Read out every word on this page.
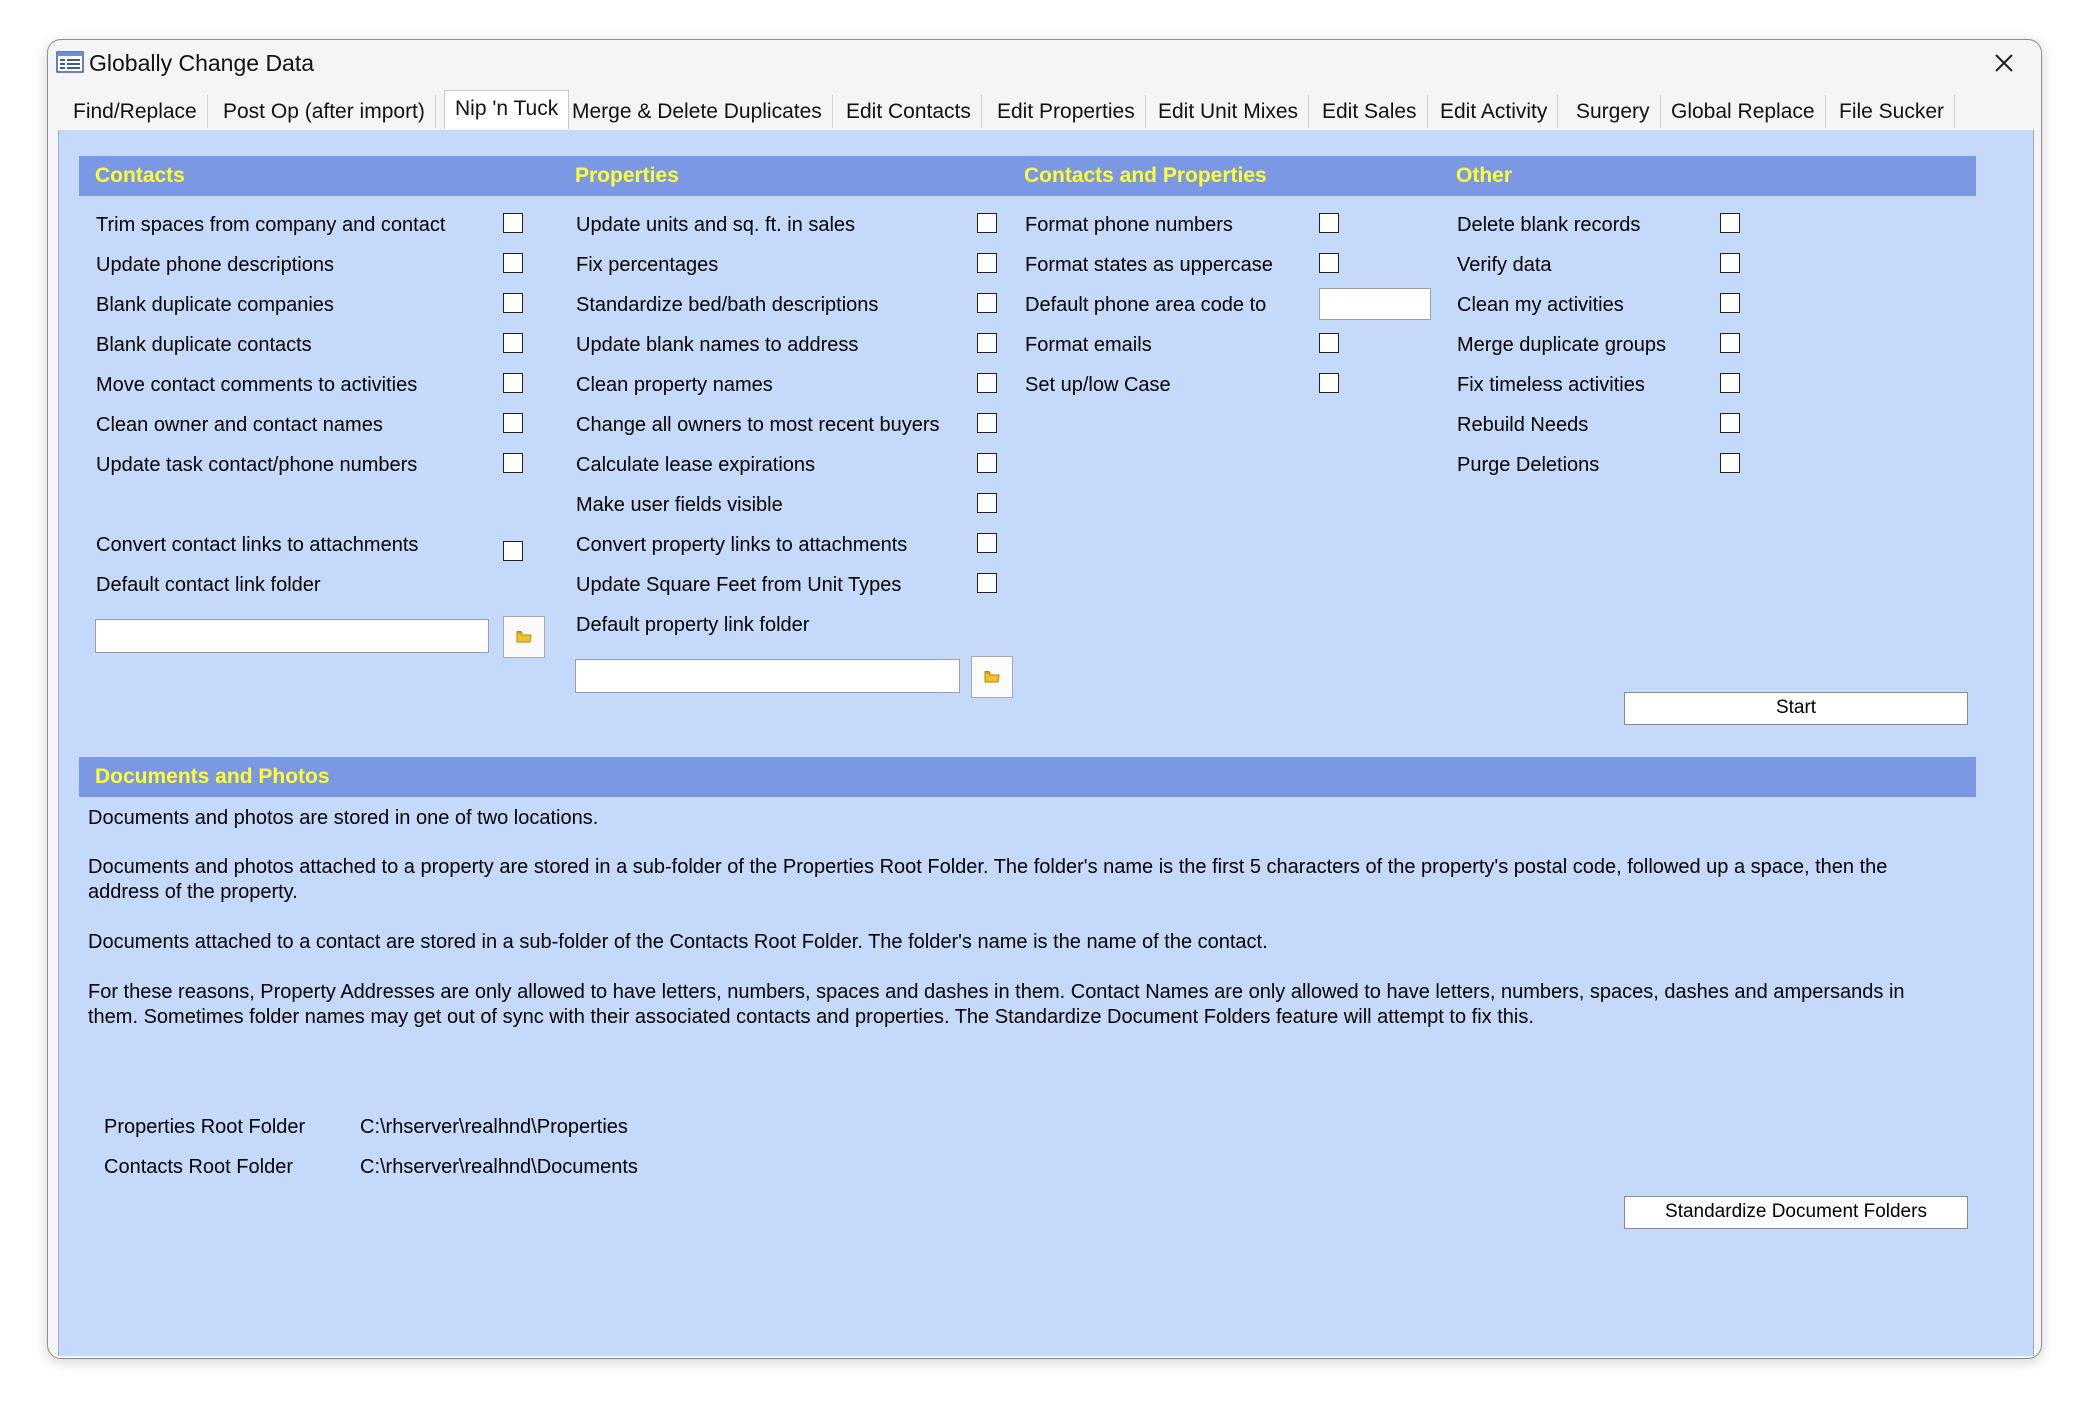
Globally Change Data
Find/Replace	Post Op (after import)	Nip 'n Tuck Merge & Delete Duplicates	Edit Contacts	Edit Properties	Edit Unit Mixes	Edit Sales	Edit Activity	Surgery	Global Replace	File Sucker
Contacts	Properties	Contacts and Properties	Other
Trim spaces from company and contact
Update phone descriptions
Blank duplicate companies
Blank duplicate contacts
Move contact comments to activities
Clean owner and contact names
Update task contact/phone numbers
Convert contact links to attachments
Default contact link folder
Update units and sq. ft. in sales
Fix percentages
Standardize bed/bath descriptions
Update blank names to address
Clean property names
Change all owners to most recent buyers
Calculate lease expirations
Make user fields visible
Convert property links to attachments
Update Square Feet from Unit Types
Default property link folder
Format phone numbers
Format states as uppercase
Default phone area code to
Format emails
Set up/low Case
Delete blank records
Verify data
Clean my activities
Merge duplicate groups
Fix timeless activities
Rebuild Needs
Purge Deletions
Start
Documents and Photos
Documents and photos are stored in one of two locations.
Documents and photos attached to a property are stored in a sub-folder of the Properties Root Folder. The folder's name is the first 5 characters of the property's postal code, followed up a space, then the address of the property.
Documents attached to a contact are stored in a sub-folder of the Contacts Root Folder. The folder's name is the name of the contact.
For these reasons, Property Addresses are only allowed to have letters, numbers, spaces and dashes in them. Contact Names are only allowed to have letters, numbers, spaces, dashes and ampersands in them. Sometimes folder names may get out of sync with their associated contacts and properties. The Standardize Document Folders feature will attempt to fix this.
Properties Root Folder	C:\rhserver\realhnd\Properties
Contacts Root Folder	C:\rhserver\realhnd\Documents
Standardize Document Folders
